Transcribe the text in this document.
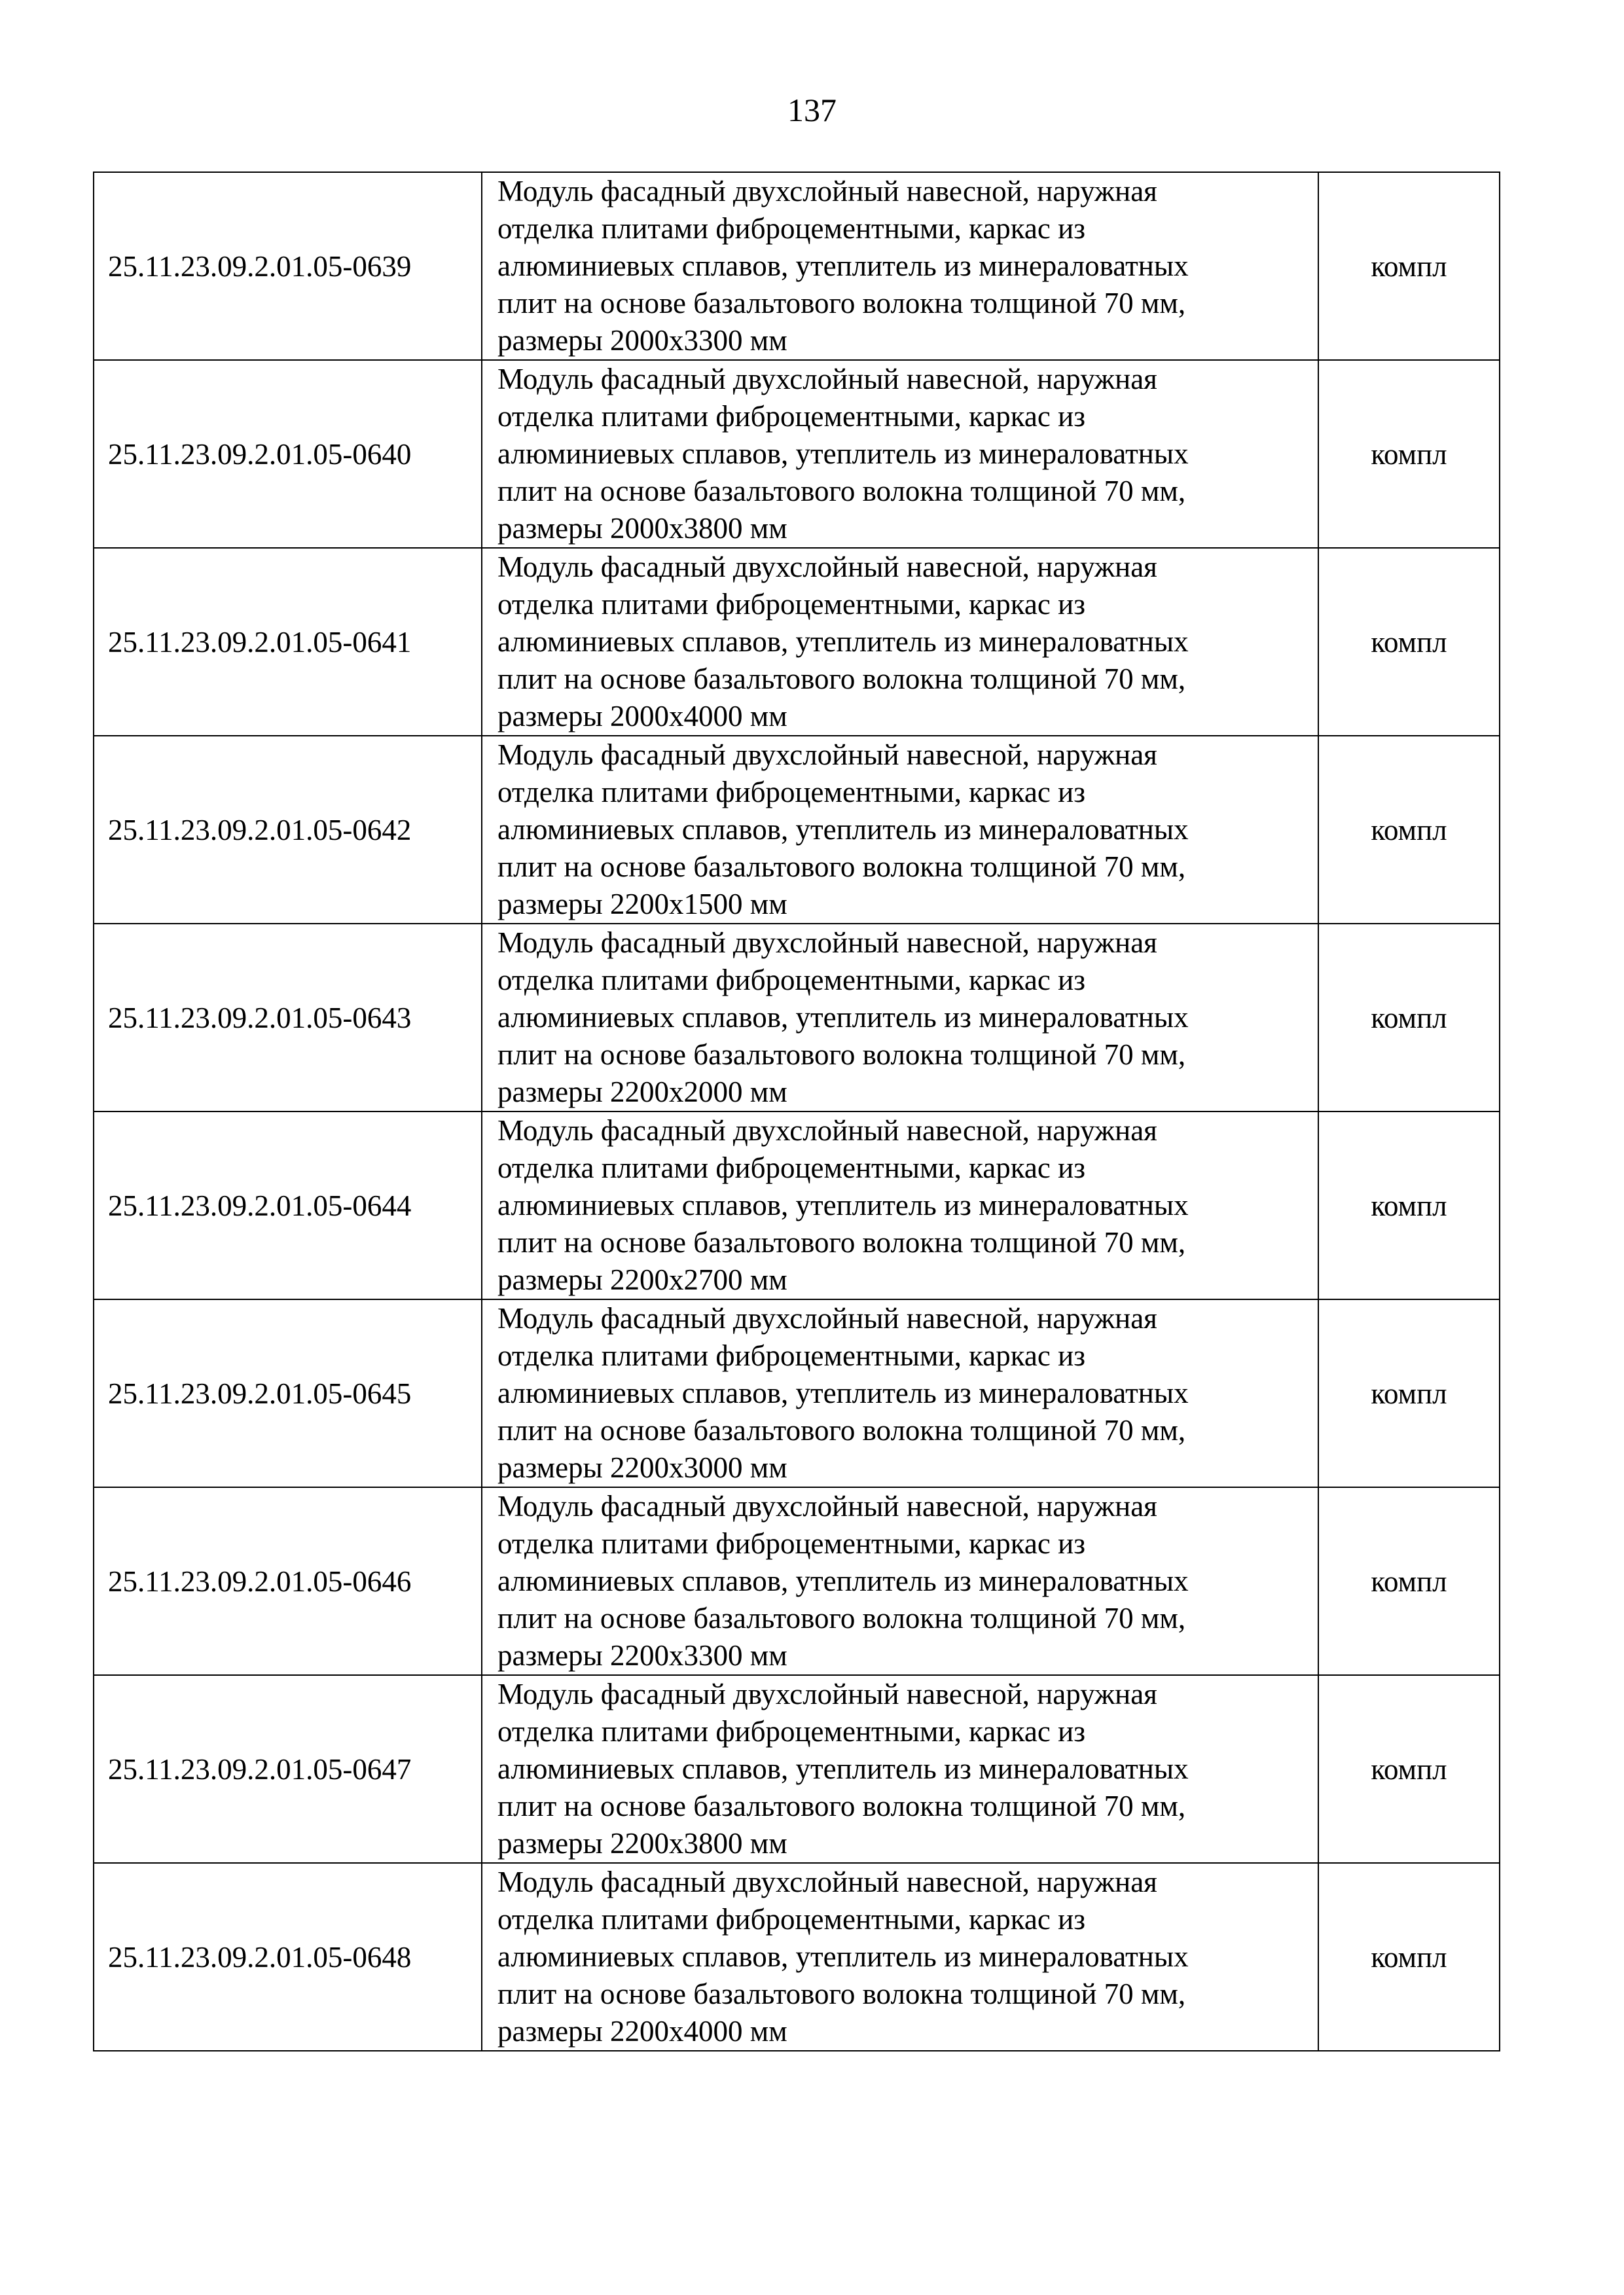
137
25.11.23.09.2.01.05-0639	Модуль фасадный двухслойный навесной, наружная
отделка плитами фиброцементными, каркас из
алюминиевых сплавов, утеплитель из минераловатных
плит на основе базальтового волокна толщиной 70 мм,
размеры 2000х3300 мм	компл
25.11.23.09.2.01.05-0640	Модуль фасадный двухслойный навесной, наружная
отделка плитами фиброцементными, каркас из
алюминиевых сплавов, утеплитель из минераловатных
плит на основе базальтового волокна толщиной 70 мм,
размеры 2000х3800 мм	компл
25.11.23.09.2.01.05-0641	Модуль фасадный двухслойный навесной, наружная
отделка плитами фиброцементными, каркас из
алюминиевых сплавов, утеплитель из минераловатных
плит на основе базальтового волокна толщиной 70 мм,
размеры 2000х4000 мм	компл
25.11.23.09.2.01.05-0642	Модуль фасадный двухслойный навесной, наружная
отделка плитами фиброцементными, каркас из
алюминиевых сплавов, утеплитель из минераловатных
плит на основе базальтового волокна толщиной 70 мм,
размеры 2200х1500 мм	компл
25.11.23.09.2.01.05-0643	Модуль фасадный двухслойный навесной, наружная
отделка плитами фиброцементными, каркас из
алюминиевых сплавов, утеплитель из минераловатных
плит на основе базальтового волокна толщиной 70 мм,
размеры 2200х2000 мм	компл
25.11.23.09.2.01.05-0644	Модуль фасадный двухслойный навесной, наружная
отделка плитами фиброцементными, каркас из
алюминиевых сплавов, утеплитель из минераловатных
плит на основе базальтового волокна толщиной 70 мм,
размеры 2200х2700 мм	компл
25.11.23.09.2.01.05-0645	Модуль фасадный двухслойный навесной, наружная
отделка плитами фиброцементными, каркас из
алюминиевых сплавов, утеплитель из минераловатных
плит на основе базальтового волокна толщиной 70 мм,
размеры 2200х3000 мм	компл
25.11.23.09.2.01.05-0646	Модуль фасадный двухслойный навесной, наружная
отделка плитами фиброцементными, каркас из
алюминиевых сплавов, утеплитель из минераловатных
плит на основе базальтового волокна толщиной 70 мм,
размеры 2200х3300 мм	компл
25.11.23.09.2.01.05-0647	Модуль фасадный двухслойный навесной, наружная
отделка плитами фиброцементными, каркас из
алюминиевых сплавов, утеплитель из минераловатных
плит на основе базальтового волокна толщиной 70 мм,
размеры 2200х3800 мм	компл
25.11.23.09.2.01.05-0648	Модуль фасадный двухслойный навесной, наружная
отделка плитами фиброцементными, каркас из
алюминиевых сплавов, утеплитель из минераловатных
плит на основе базальтового волокна толщиной 70 мм,
размеры 2200х4000 мм	компл
